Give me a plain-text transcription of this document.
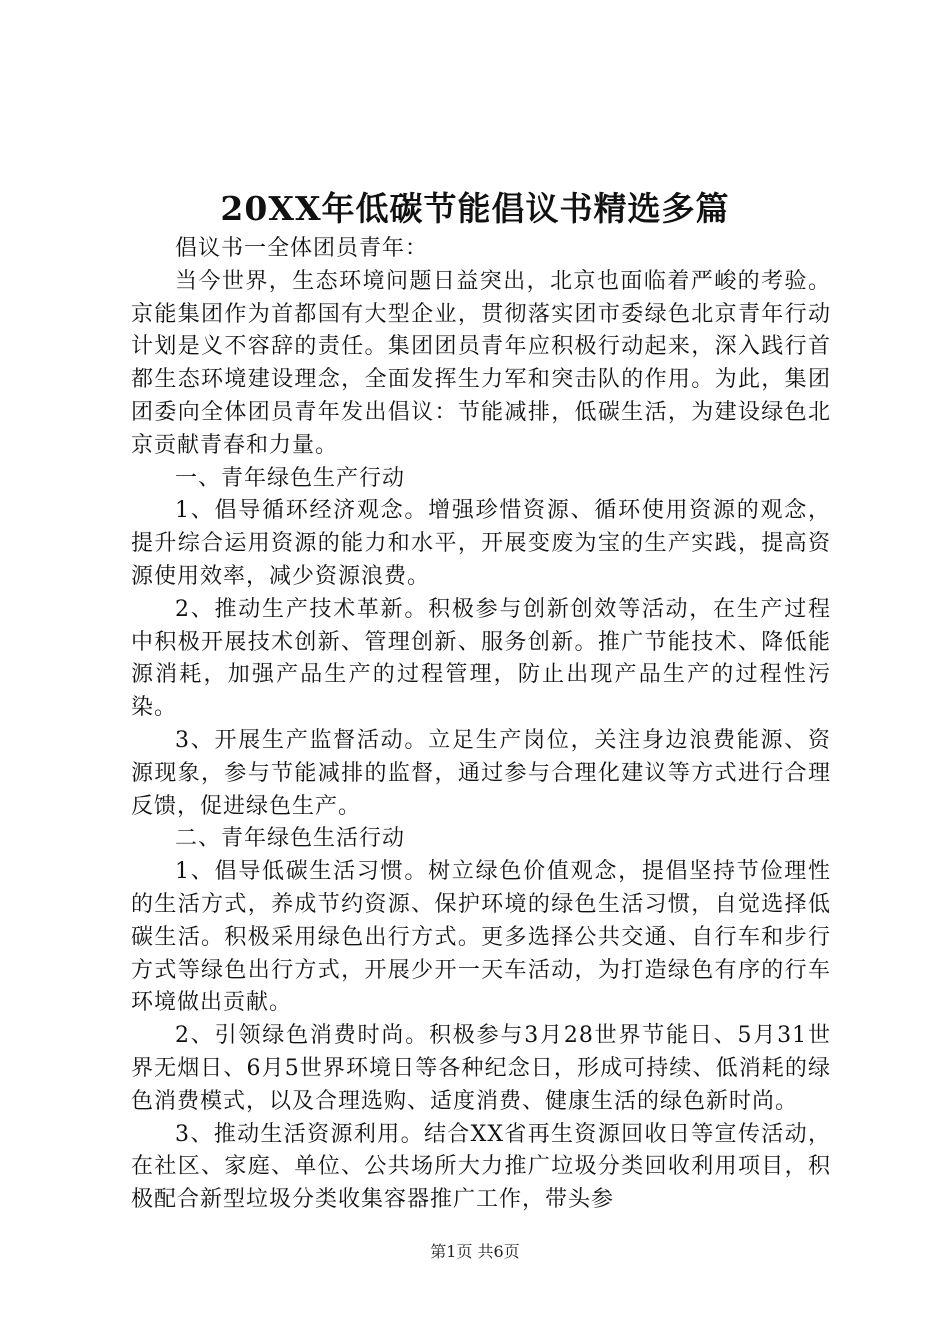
20XX年低碳节能倡议书精选多篇

倡议书一全体团员青年：

当今世界，生态环境问题日益突出，北京也面临着严峻的考验。京能集团作为首都国有大型企业，贯彻落实团市委绿色北京青年行动计划是义不容辞的责任。集团团员青年应积极行动起来，深入践行首都生态环境建设理念，全面发挥生力军和突击队的作用。为此，集团团委向全体团员青年发出倡议：节能减排，低碳生活，为建设绿色北京贡献青春和力量。

一、青年绿色生产行动

1、倡导循环经济观念。增强珍惜资源、循环使用资源的观念，提升综合运用资源的能力和水平，开展变废为宝的生产实践，提高资源使用效率，减少资源浪费。

2、推动生产技术革新。积极参与创新创效等活动，在生产过程中积极开展技术创新、管理创新、服务创新。推广节能技术、降低能源消耗，加强产品生产的过程管理，防止出现产品生产的过程性污染。

3、开展生产监督活动。立足生产岗位，关注身边浪费能源、资源现象，参与节能减排的监督，通过参与合理化建议等方式进行合理反馈，促进绿色生产。

二、青年绿色生活行动

1、倡导低碳生活习惯。树立绿色价值观念，提倡坚持节俭理性的生活方式，养成节约资源、保护环境的绿色生活习惯，自觉选择低碳生活。积极采用绿色出行方式。更多选择公共交通、自行车和步行方式等绿色出行方式，开展少开一天车活动，为打造绿色有序的行车环境做出贡献。

2、引领绿色消费时尚。积极参与3月28世界节能日、5月31世界无烟日、6月5世界环境日等各种纪念日，形成可持续、低消耗的绿色消费模式，以及合理选购、适度消费、健康生活的绿色新时尚。

3、推动生活资源利用。结合XX省再生资源回收日等宣传活动，在社区、家庭、单位、公共场所大力推广垃圾分类回收利用项目，积极配合新型垃圾分类收集容器推广工作，带头参

第1页 共6页
